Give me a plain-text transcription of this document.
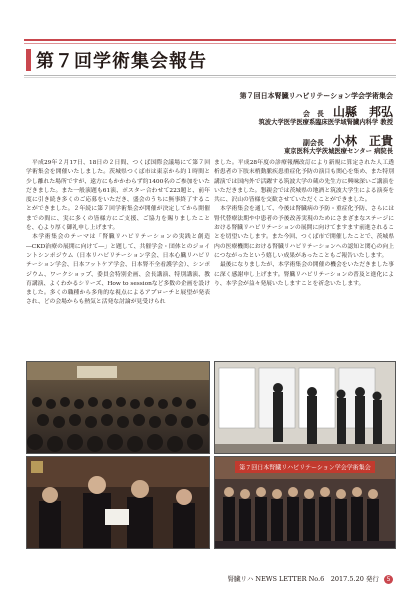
第７回学術集会報告
第７回日本腎臓リハビリテーション学会学術集会
会　長 山縣　邦弘
筑波大学医学医療系臨床医学域腎臓内科学 教授
副会長 小林　正貴
東京医科大学茨城医療センター 病院長

平成29年２月17日、18日の２日間、つくば国際会議場にて第７回学術集会を開催いたしました。茨城県つくば市は東京から約１時間と少し離れた場所ですが、遠方にもかかわらず約1400名のご参加をいただきました。また一般演題も61演、ポスター合わせて223題と、前年度に引き続き多くのご応募をいただき、盛会のうちに無事終了することができました。２年続に第７回学術集会が開催が決定してから開催までの間に、実に多くの皆様方にご支援、ご協力を賜りましたことを、心より厚く御礼申し上げます。

本学術集会のテーマは「腎臓リハビリテーションの実践と創造―CKD治療の展開に向けて―」と題して、共催学会・団体とのジョイントシンポジウム（日本リハビリテーション学会、日本心臓リハビリテーション学会、日本フットケア学会、日本腎不全看護学会）、シンポジウム、ワークショップ、委員会特別企画、会長講演、特別講演、教育講演、よくわかるシリーズ、How to sessionなど多数の企画を設けました。多くの職種から多角的な視点によるアプローチと展望が発表され、どの会場からも熱気と活発な討論が見受けられ

ました。平成28年度の診療報酬改訂により新規に算定された人工透析患者の下肢末梢動脈疾患重症化予防の演目も関心を集め、また特別講演では国内外で活躍する筑波大学の蔵の先生方に興味深いご講演をいただきました。懇親会では茨城県の地酒と筑波大学生による演奏を共に、沢山の皆様を交歓させていただくことができました。

本学術集会を通して、今後は腎臓病の予防・重症化予防、さらには腎代替療法期や中患者の予後改善実現のためにさまざまなステージにおける腎臓リハビリテーションの展開に向けてますます前進されることを切望いたします。また今回、つくば市で開催したことで、茨城県内の医療機関における腎臓リハビリテーションへの認知と関心の向上につながったという嬉しい成果があったこともご報告いたします。

最後になりましたが、本学術集会の開催の機会をいただきました事に深く感謝申し上げます。腎臓リハビリテーションの普及と進化により、本学会が益々発展いたしますことを祈念いたします。

第７回日本腎臓リハビリテーション学会学術集会
腎臓リハ NEWS LETTER No.6　2017.5.20 発行 5
